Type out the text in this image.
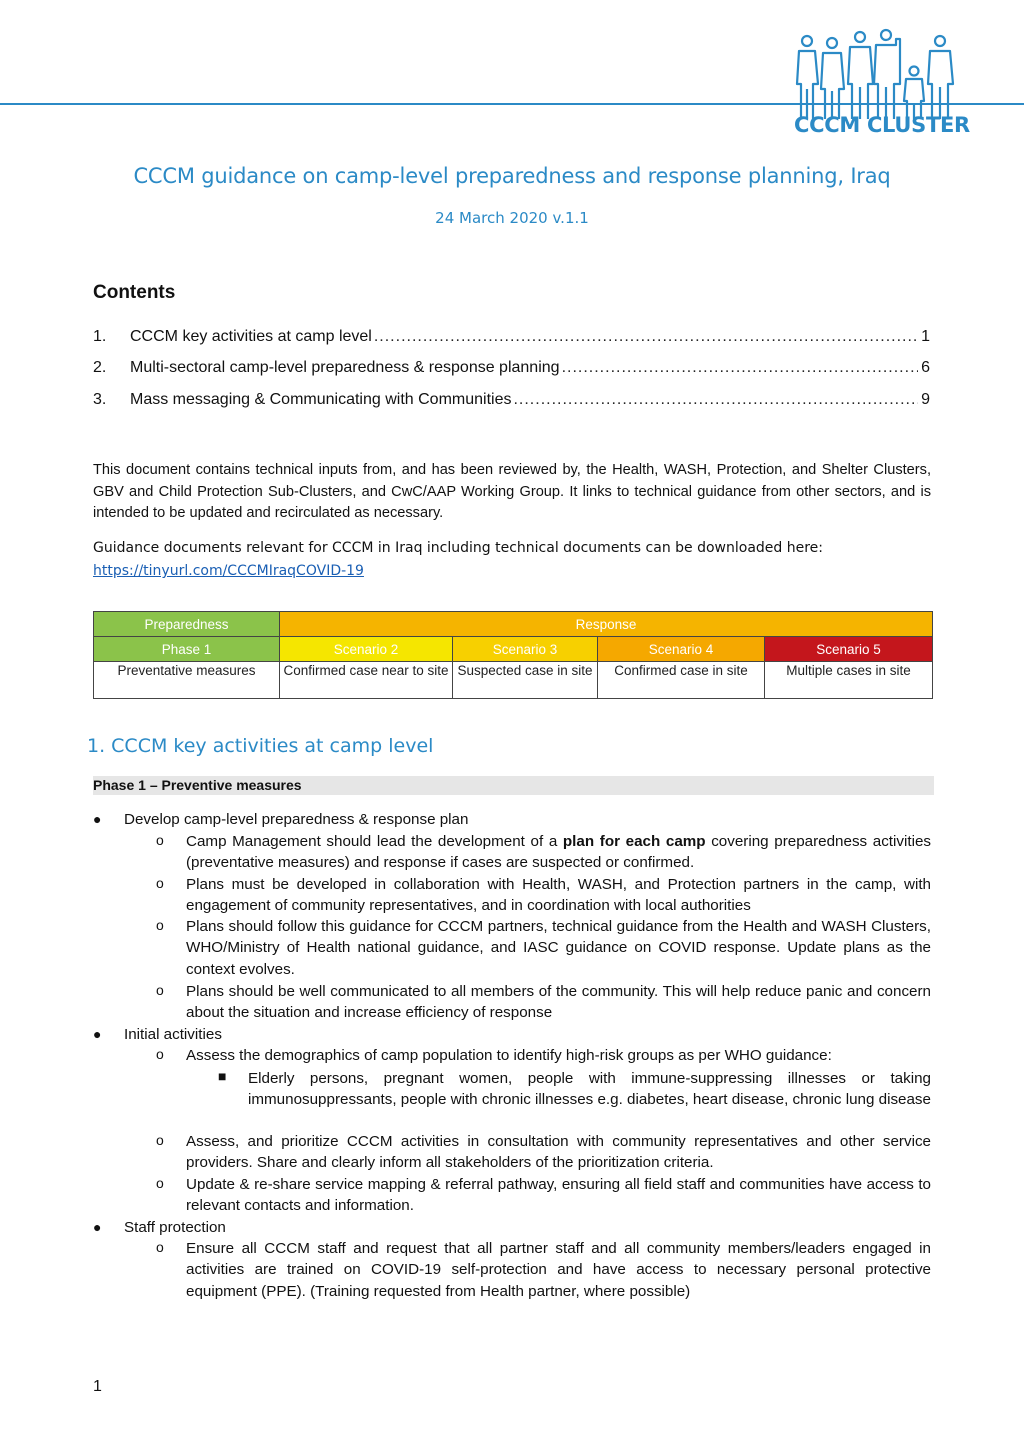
CCCM CLUSTER
CCCM guidance on camp-level preparedness and response planning, Iraq
24 March 2020 v.1.1
Contents
1.	CCCM key activities at camp level .....	1
2.	Multi-sectoral camp-level preparedness & response planning .....	6
3.	Mass messaging & Communicating with Communities .....	9
This document contains technical inputs from, and has been reviewed by, the Health, WASH, Protection, and Shelter Clusters, GBV and Child Protection Sub-Clusters, and CwC/AAP Working Group. It links to technical guidance from other sectors, and is intended to be updated and recirculated as necessary.
Guidance documents relevant for CCCM in Iraq including technical documents can be downloaded here:
https://tinyurl.com/CCCMIraqCOVID-19
Preparedness	Response			
Phase 1	Scenario 2	Scenario 3	Scenario 4	Scenario 5
Preventative measures	Confirmed case near to site	Suspected case in site	Confirmed case in site	Multiple cases in site
1. CCCM key activities at camp level
Phase 1 – Preventive measures
● Develop camp-level preparedness & response plan
o Camp Management should lead the development of a plan for each camp covering preparedness activities (preventative measures) and response if cases are suspected or confirmed.
o Plans must be developed in collaboration with Health, WASH, and Protection partners in the camp, with engagement of community representatives, and in coordination with local authorities
o Plans should follow this guidance for CCCM partners, technical guidance from the Health and WASH Clusters, WHO/Ministry of Health national guidance, and IASC guidance on COVID response. Update plans as the context evolves.
o Plans should be well communicated to all members of the community. This will help reduce panic and concern about the situation and increase efficiency of response
● Initial activities
o Assess the demographics of camp population to identify high-risk groups as per WHO guidance:
■ Elderly persons, pregnant women, people with immune-suppressing illnesses or taking immunosuppressants, people with chronic illnesses e.g. diabetes, heart disease, chronic lung disease
o Assess, and prioritize CCCM activities in consultation with community representatives and other service providers. Share and clearly inform all stakeholders of the prioritization criteria.
o Update & re-share service mapping & referral pathway, ensuring all field staff and communities have access to relevant contacts and information.
● Staff protection
o Ensure all CCCM staff and request that all partner staff and all community members/leaders engaged in activities are trained on COVID-19 self-protection and have access to necessary personal protective equipment (PPE). (Training requested from Health partner, where possible)
1
